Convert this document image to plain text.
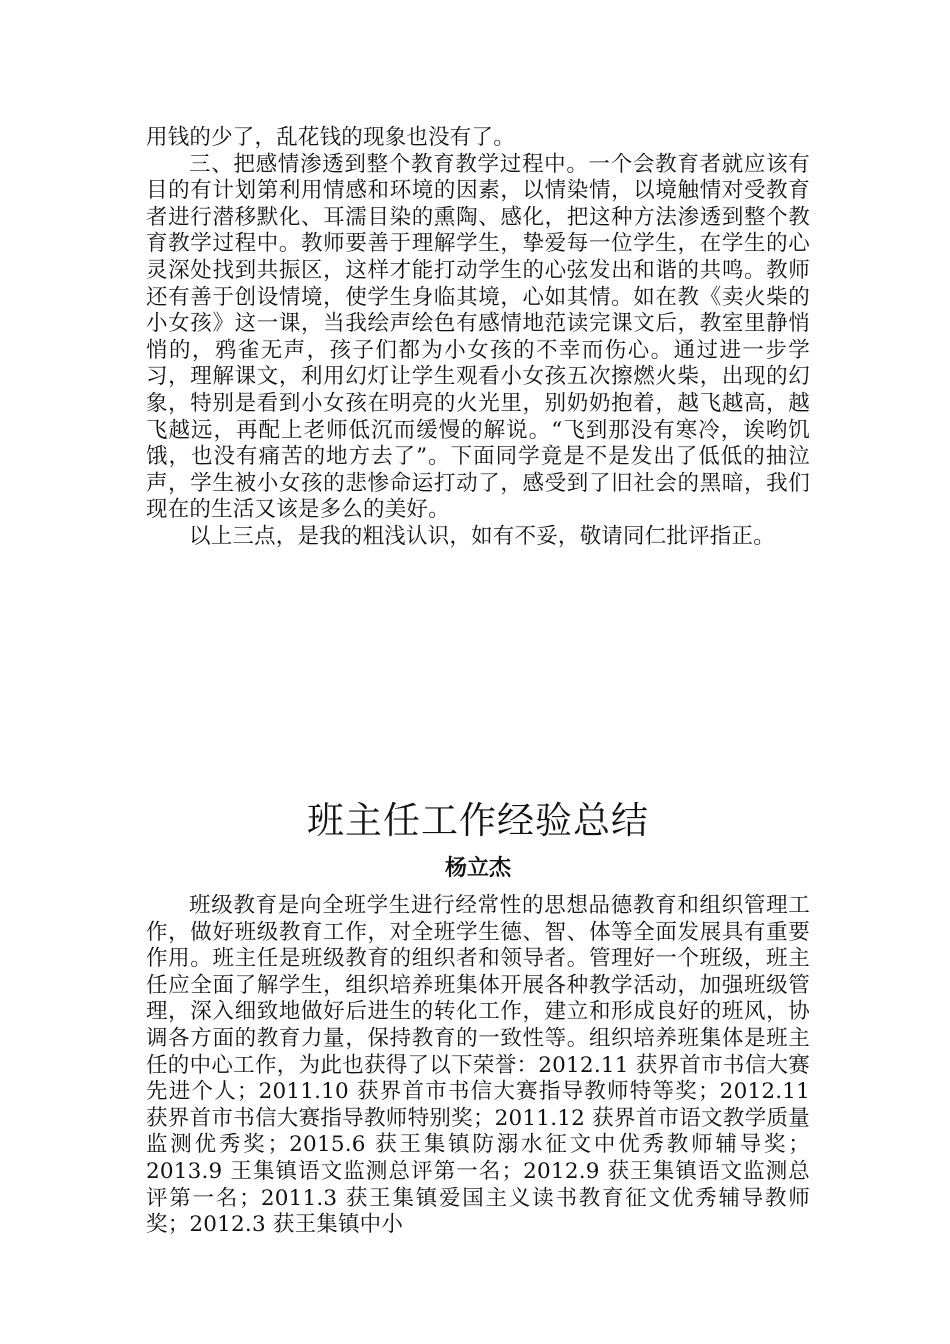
用钱的少了，乱花钱的现象也没有了。

三、把感情渗透到整个教育教学过程中。一个会教育者就应该有目的有计划第利用情感和环境的因素，以情染情，以境触情对受教育者进行潜移默化、耳濡目染的熏陶、感化，把这种方法渗透到整个教育教学过程中。教师要善于理解学生，挚爱每一位学生，在学生的心灵深处找到共振区，这样才能打动学生的心弦发出和谐的共鸣。教师还有善于创设情境，使学生身临其境，心如其情。如在教《卖火柴的小女孩》这一课，当我绘声绘色有感情地范读完课文后，教室里静悄悄的，鸦雀无声，孩子们都为小女孩的不幸而伤心。通过进一步学习，理解课文，利用幻灯让学生观看小女孩五次擦燃火柴，出现的幻象，特别是看到小女孩在明亮的火光里，别奶奶抱着，越飞越高，越飞越远，再配上老师低沉而缓慢的解说。“飞到那没有寒冷，诶哟饥饿，也没有痛苦的地方去了”。下面同学竟是不是发出了低低的抽泣声，学生被小女孩的悲惨命运打动了，感受到了旧社会的黑暗，我们现在的生活又该是多么的美好。

以上三点，是我的粗浅认识，如有不妥，敬请同仁批评指正。

班主任工作经验总结
杨立杰

班级教育是向全班学生进行经常性的思想品德教育和组织管理工作，做好班级教育工作，对全班学生德、智、体等全面发展具有重要作用。班主任是班级教育的组织者和领导者。管理好一个班级，班主任应全面了解学生，组织培养班集体开展各种教学活动，加强班级管理，深入细致地做好后进生的转化工作，建立和形成良好的班风，协调各方面的教育力量，保持教育的一致性等。组织培养班集体是班主任的中心工作，为此也获得了以下荣誉：2012.11 获界首市书信大赛先进个人；2011.10 获界首市书信大赛指导教师特等奖；2012.11 获界首市书信大赛指导教师特别奖；2011.12 获界首市语文教学质量监测优秀奖；2015.6 获王集镇防溺水征文中优秀教师辅导奖；2013.9 王集镇语文监测总评第一名；2012.9 获王集镇语文监测总评第一名；2011.3 获王集镇爱国主义读书教育征文优秀辅导教师奖；2012.3 获王集镇中小
